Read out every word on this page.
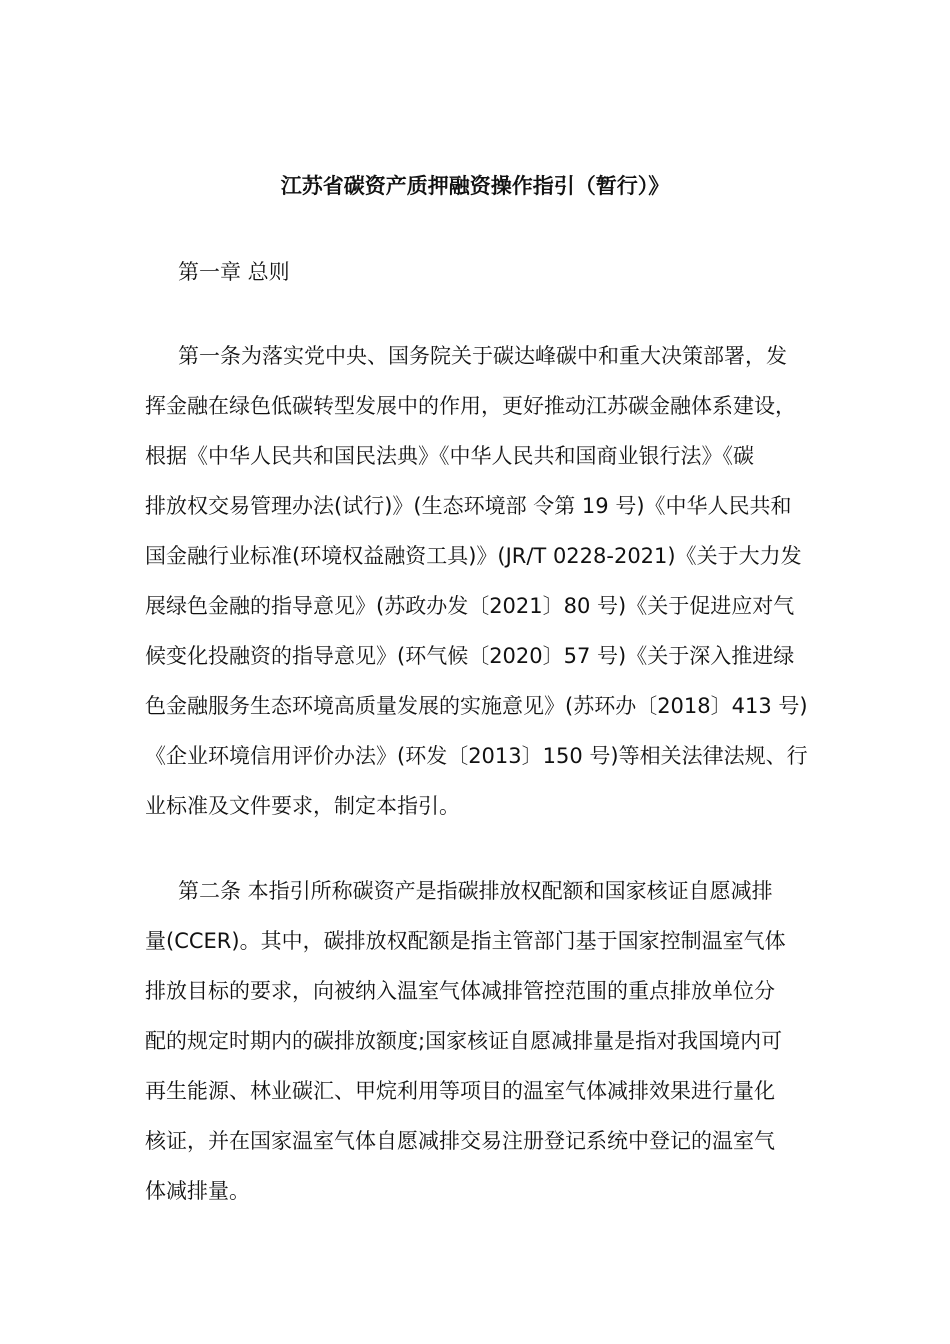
江苏省碳资产质押融资操作指引（暂行）》

第一章 总则

第一条为落实党中央、国务院关于碳达峰碳中和重大决策部署，发
挥金融在绿色低碳转型发展中的作用，更好推动江苏碳金融体系建设，
根据《中华人民共和国民法典》《中华人民共和国商业银行法》《碳
排放权交易管理办法(试行)》(生态环境部 令第 19 号)《中华人民共和
国金融行业标准(环境权益融资工具)》(JR/T 0228-2021)《关于大力发
展绿色金融的指导意见》(苏政办发〔2021〕80 号)《关于促进应对气
候变化投融资的指导意见》(环气候〔2020〕57 号)《关于深入推进绿
色金融服务生态环境高质量发展的实施意见》(苏环办〔2018〕413 号)
《企业环境信用评价办法》(环发〔2013〕150 号)等相关法律法规、行
业标准及文件要求，制定本指引。
第二条 本指引所称碳资产是指碳排放权配额和国家核证自愿减排
量(CCER)。其中，碳排放权配额是指主管部门基于国家控制温室气体
排放目标的要求，向被纳入温室气体减排管控范围的重点排放单位分
配的规定时期内的碳排放额度;国家核证自愿减排量是指对我国境内可
再生能源、林业碳汇、甲烷利用等项目的温室气体减排效果进行量化
核证，并在国家温室气体自愿减排交易注册登记系统中登记的温室气
体减排量。
